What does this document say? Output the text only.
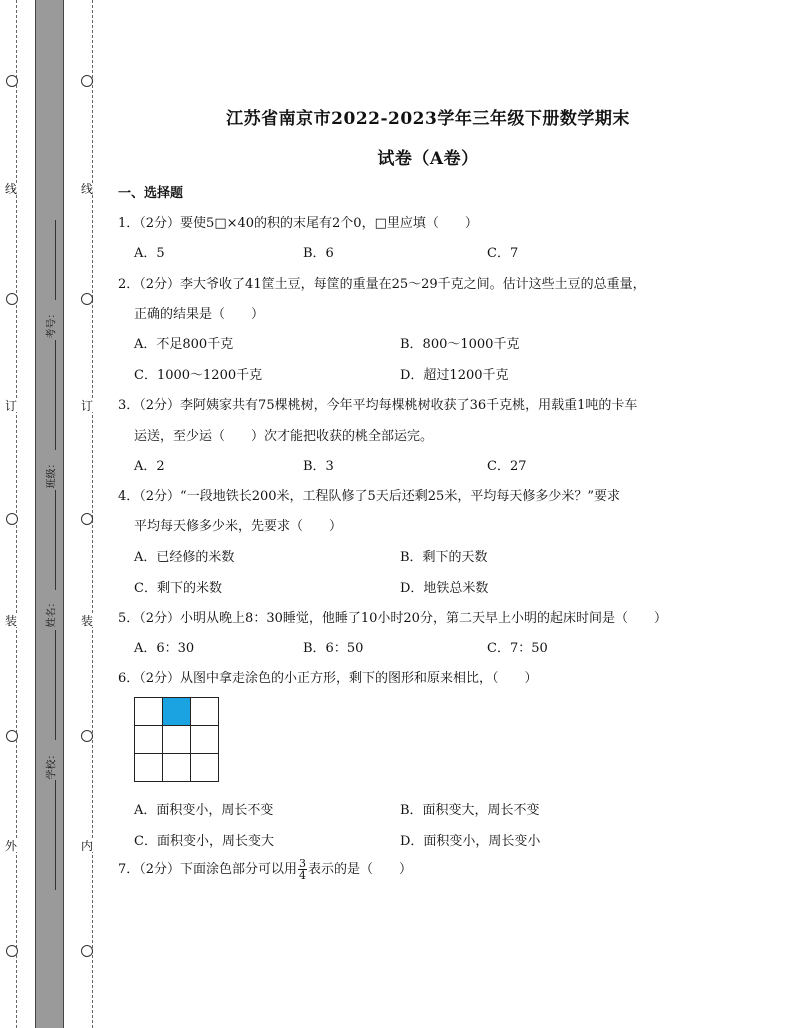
线
订
装
外
线
订
装
内
考号：
班级：
姓名：
学校：
江苏省南京市2022-2023学年三年级下册数学期末
试卷（A卷）
一、选择题
1．（2分）要使5□×40的积的末尾有2个0，□里应填（　　）
A．5	B．6	C．7
2．（2分）李大爷收了41筐土豆，每筐的重量在25～29千克之间。估计这些土豆的总重量，
正确的结果是（　　）
A．不足800千克	B．800～1000千克
C．1000～1200千克	D．超过1200千克
3．（2分）李阿姨家共有75棵桃树，今年平均每棵桃树收获了36千克桃，用载重1吨的卡车
运送，至少运（　　）次才能把收获的桃全部运完。
A．2	B．3	C．27
4．（2分）“一段地铁长200米，工程队修了5天后还剩25米，平均每天修多少米？”要求
平均每天修多少米，先要求（　　）
A．已经修的米数	B．剩下的天数
C．剩下的米数	D．地铁总米数
5．（2分）小明从晚上8：30睡觉，他睡了10小时20分，第二天早上小明的起床时间是（　　）
A．6：30	B．6：50	C．7：50
6．（2分）从图中拿走涂色的小正方形，剩下的图形和原来相比，（　　）

A．面积变小，周长不变	B．面积变大，周长不变
C．面积变小，周长变大	D．面积变小，周长变小
7．（2分）下面涂色部分可以用 $\frac{3}{4}$ 表示的是（　　）
